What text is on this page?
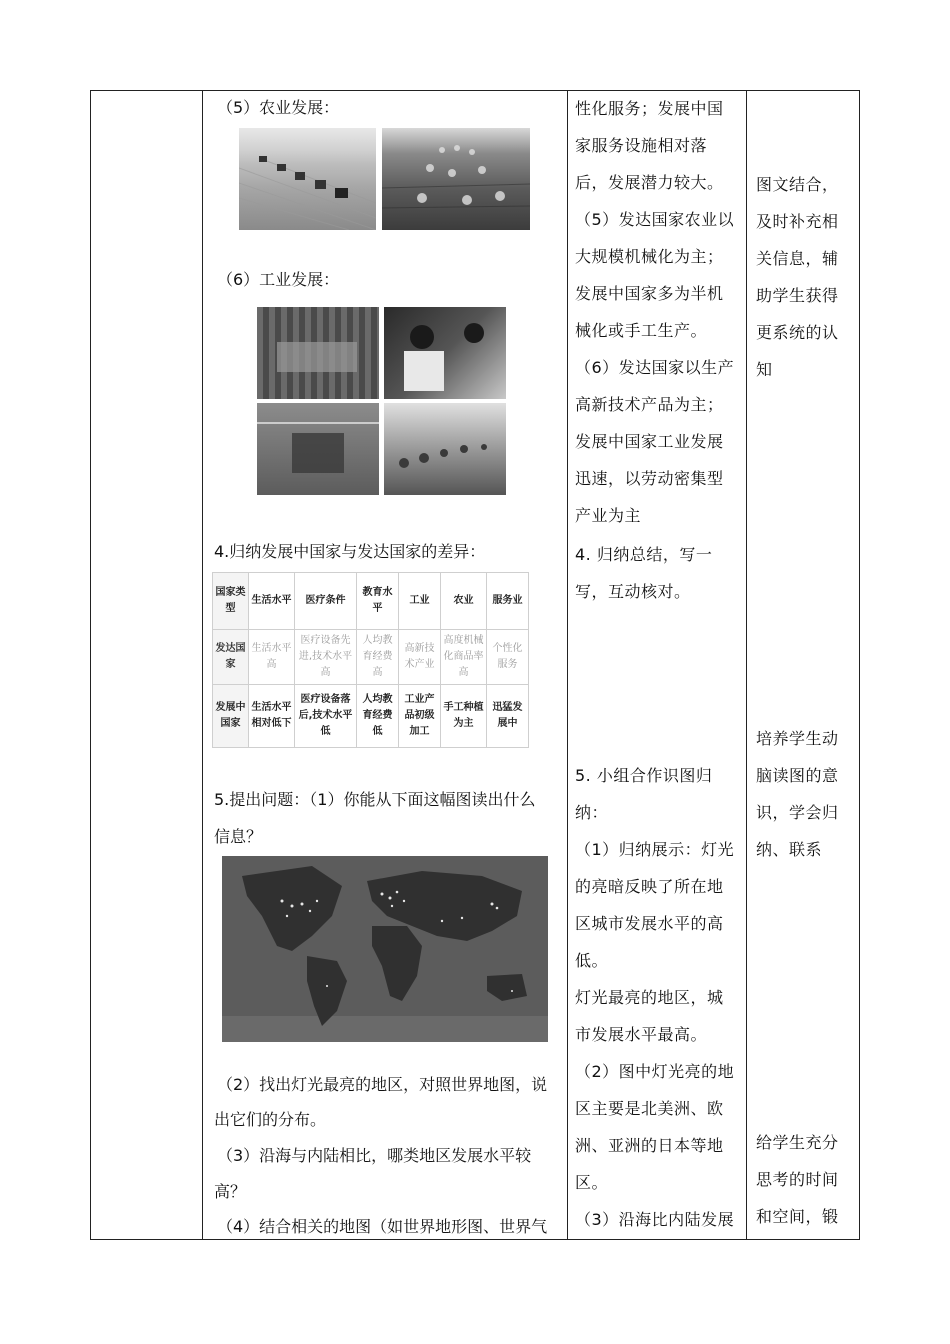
（5）农业发展：
（6）工业发展：
4.归纳发展中国家与发达国家的差异：
国家类型	生活水平	医疗条件	教育水平	工业	农业	服务业
发达国家	生活水平高	医疗设备先进,技术水平高	人均教育经费高	高新技术产业	高度机械化商品率高	个性化服务
发展中国家	生活水平相对低下	医疗设备落后,技术水平低	人均教育经费低	工业产品初级加工	手工种植为主	迅猛发展中
5.提出问题：（1）你能从下面这幅图读出什么
信息？
（2）找出灯光最亮的地区，对照世界地图，说
出它们的分布。
（3）沿海与内陆相比，哪类地区发展水平较
高？
（4）结合相关的地图（如世界地形图、世界气
性化服务；发展中国
家服务设施相对落
后，发展潜力较大。
（5）发达国家农业以
大规模机械化为主；
发展中国家多为半机
械化或手工生产。
（6）发达国家以生产
高新技术产品为主；
发展中国家工业发展
迅速，以劳动密集型
产业为主
4. 归纳总结，写一
写，互动核对。
5. 小组合作识图归
纳：
（1）归纳展示：灯光
的亮暗反映了所在地
区城市发展水平的高
低。
灯光最亮的地区，城
市发展水平最高。
（2）图中灯光亮的地
区主要是北美洲、欧
洲、亚洲的日本等地
区。
（3）沿海比内陆发展
图文结合，
及时补充相
关信息，辅
助学生获得
更系统的认
知
培养学生动
脑读图的意
识，学会归
纳、联系
给学生充分
思考的时间
和空间，锻
